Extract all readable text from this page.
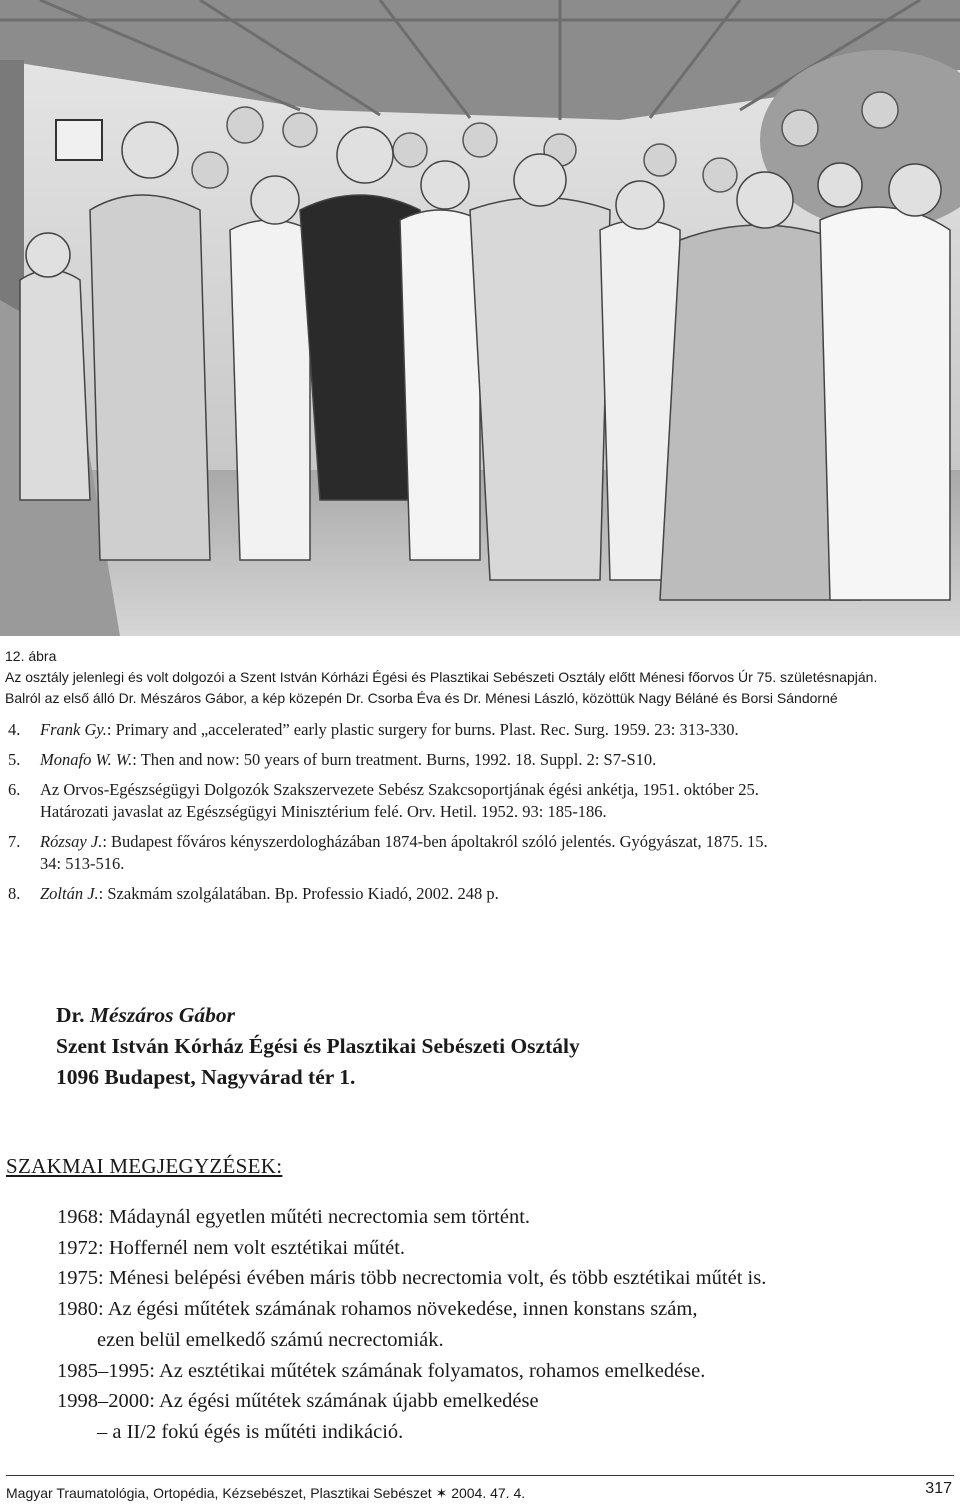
12. ábra
Az osztály jelenlegi és volt dolgozói a Szent István Kórházi Égési és Plasztikai Sebészeti Osztály előtt Ménesi főorvos Úr 75. születésnapján.
Balról az első álló Dr. Mészáros Gábor, a kép közepén Dr. Csorba Éva és Dr. Ménesi László, közöttük Nagy Béláné és Borsi Sándorné
4. Frank Gy.: Primary and „accelerated” early plastic surgery for burns. Plast. Rec. Surg. 1959. 23: 313-330.
5. Monafo W. W.: Then and now: 50 years of burn treatment. Burns, 1992. 18. Suppl. 2: S7-S10.
6. Az Orvos-Egészségügyi Dolgozók Szakszervezete Sebész Szakcsoportjának égési ankétja, 1951. október 25.
Határozati javaslat az Egészségügyi Minisztérium felé. Orv. Hetil. 1952. 93: 185-186.
7. Rózsay J.: Budapest főváros kényszerdologházában 1874-ben ápoltakról szóló jelentés. Gyógyászat, 1875. 15.
34: 513-516.
8. Zoltán J.: Szakmám szolgálatában. Bp. Professio Kiadó, 2002. 248 p.
Dr. Mészáros Gábor
Szent István Kórház Égési és Plasztikai Sebészeti Osztály
1096 Budapest, Nagyvárad tér 1.
SZAKMAI MEGJEGYZÉSEK:
1968: Mádaynál egyetlen műtéti necrectomia sem történt.
1972: Hoffernél nem volt esztétikai műtét.
1975: Ménesi belépési évében máris több necrectomia volt, és több esztétikai műtét is.
1980: Az égési műtétek számának rohamos növekedése, innen konstans szám,
ezen belül emelkedő számú necrectomiák.
1985–1995: Az esztétikai műtétek számának folyamatos, rohamos emelkedése.
1998–2000: Az égési műtétek számának újabb emelkedése
– a II/2 fokú égés is műtéti indikáció.
Magyar Traumatológia, Ortopédia, Kézsebészet, Plasztikai Sebészet ✶ 2004. 47. 4.	317
